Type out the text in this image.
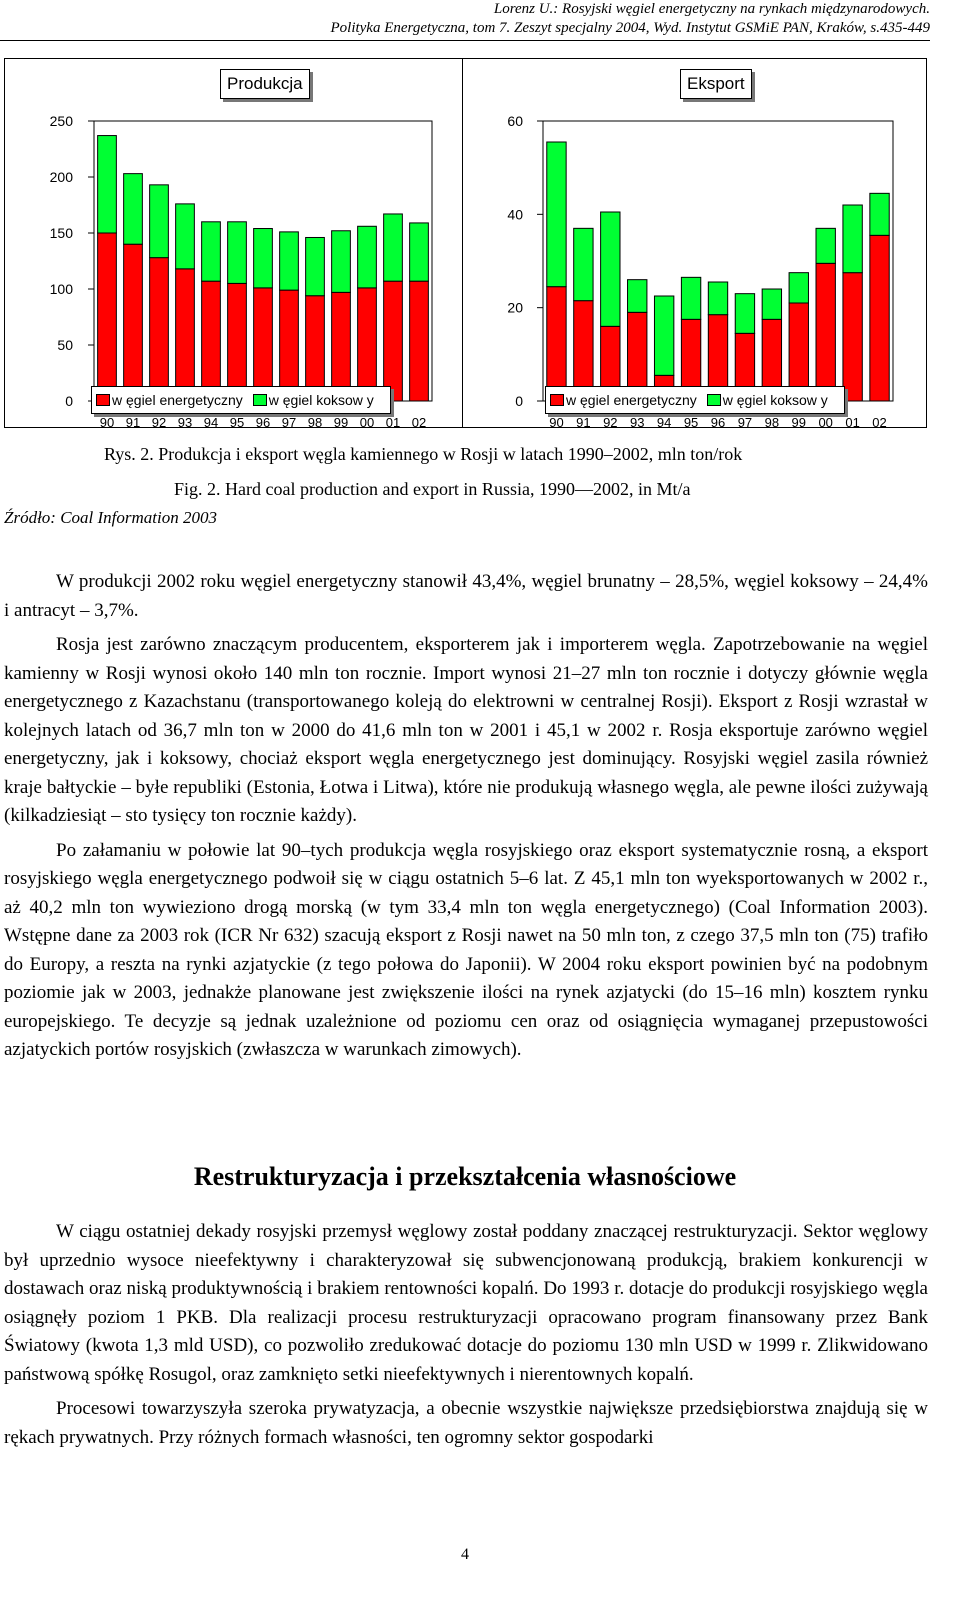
Lorenz U.: Rosyjski węgiel energetyczny na rynkach międzynarodowych.
Polityka Energetyczna, tom 7. Zeszyt specjalny 2004, Wyd. Instytut GSMiE PAN, Kraków, s.435-449
Produkcja
250
200
150
100
50
0
90 91 92 93 94 95 96 97 98 99 00 01 02
w ęgiel energetyczny w ęgiel koksow y
Eksport
60
40
20
0
90 91 92 93 94 95 96 97 98 99 00 01 02
w ęgiel energetyczny w ęgiel koksow y
Rys. 2. Produkcja i eksport węgla kamiennego w Rosji w latach 1990–2002, mln ton/rok
Fig. 2. Hard coal production and export in Russia, 1990—2002, in Mt/a
Źródło: Coal Information 2003

W produkcji 2002 roku węgiel energetyczny stanowił 43,4%, węgiel brunatny – 28,5%, węgiel koksowy – 24,4% i antracyt – 3,7%.

Rosja jest zarówno znaczącym producentem, eksporterem jak i importerem węgla. Zapotrzebowanie na węgiel kamienny w Rosji wynosi około 140 mln ton rocznie. Import wynosi 21–27 mln ton rocznie i dotyczy głównie węgla energetycznego z Kazachstanu (transportowanego koleją do elektrowni w centralnej Rosji). Eksport z Rosji wzrastał w kolejnych latach od 36,7 mln ton w 2000 do 41,6 mln ton w 2001 i 45,1 w 2002 r. Rosja eksportuje zarówno węgiel energetyczny, jak i koksowy, chociaż eksport węgla energetycznego jest dominujący. Rosyjski węgiel zasila również kraje bałtyckie – byłe republiki (Estonia, Łotwa i Litwa), które nie produkują własnego węgla, ale pewne ilości zużywają (kilkadziesiąt – sto tysięcy ton rocznie każdy).

Po załamaniu w połowie lat 90–tych produkcja węgla rosyjskiego oraz eksport systematycznie rosną, a eksport rosyjskiego węgla energetycznego podwoił się w ciągu ostatnich 5–6 lat. Z 45,1 mln ton wyeksportowanych w 2002 r., aż 40,2 mln ton wywieziono drogą morską (w tym 33,4 mln ton węgla energetycznego) (Coal Information 2003). Wstępne dane za 2003 rok (ICR Nr 632) szacują eksport z Rosji nawet na 50 mln ton, z czego 37,5 mln ton (75) trafiło do Europy, a reszta na rynki azjatyckie (z tego połowa do Japonii). W 2004 roku eksport powinien być na podobnym poziomie jak w 2003, jednakże planowane jest zwiększenie ilości na rynek azjatycki (do 15–16 mln) kosztem rynku europejskiego. Te decyzje są jednak uzależnione od poziomu cen oraz od osiągnięcia wymaganej przepustowości azjatyckich portów rosyjskich (zwłaszcza w warunkach zimowych).

Restrukturyzacja i przekształcenia własnościowe

W ciągu ostatniej dekady rosyjski przemysł węglowy został poddany znaczącej restrukturyzacji. Sektor węglowy był uprzednio wysoce nieefektywny i charakteryzował się subwencjonowaną produkcją, brakiem konkurencji w dostawach oraz niską produktywnością i brakiem rentowności kopalń. Do 1993 r. dotacje do produkcji rosyjskiego węgla osiągnęły poziom 1 PKB. Dla realizacji procesu restrukturyzacji opracowano program finansowany przez Bank Światowy (kwota 1,3 mld USD), co pozwoliło zredukować dotacje do poziomu 130 mln USD w 1999 r. Zlikwidowano państwową spółkę Rosugol, oraz zamknięto setki nieefektywnych i nierentownych kopalń.

Procesowi towarzyszyła szeroka prywatyzacja, a obecnie wszystkie największe przedsiębiorstwa znajdują się w rękach prywatnych. Przy różnych formach własności, ten ogromny sektor gospodarki

4
